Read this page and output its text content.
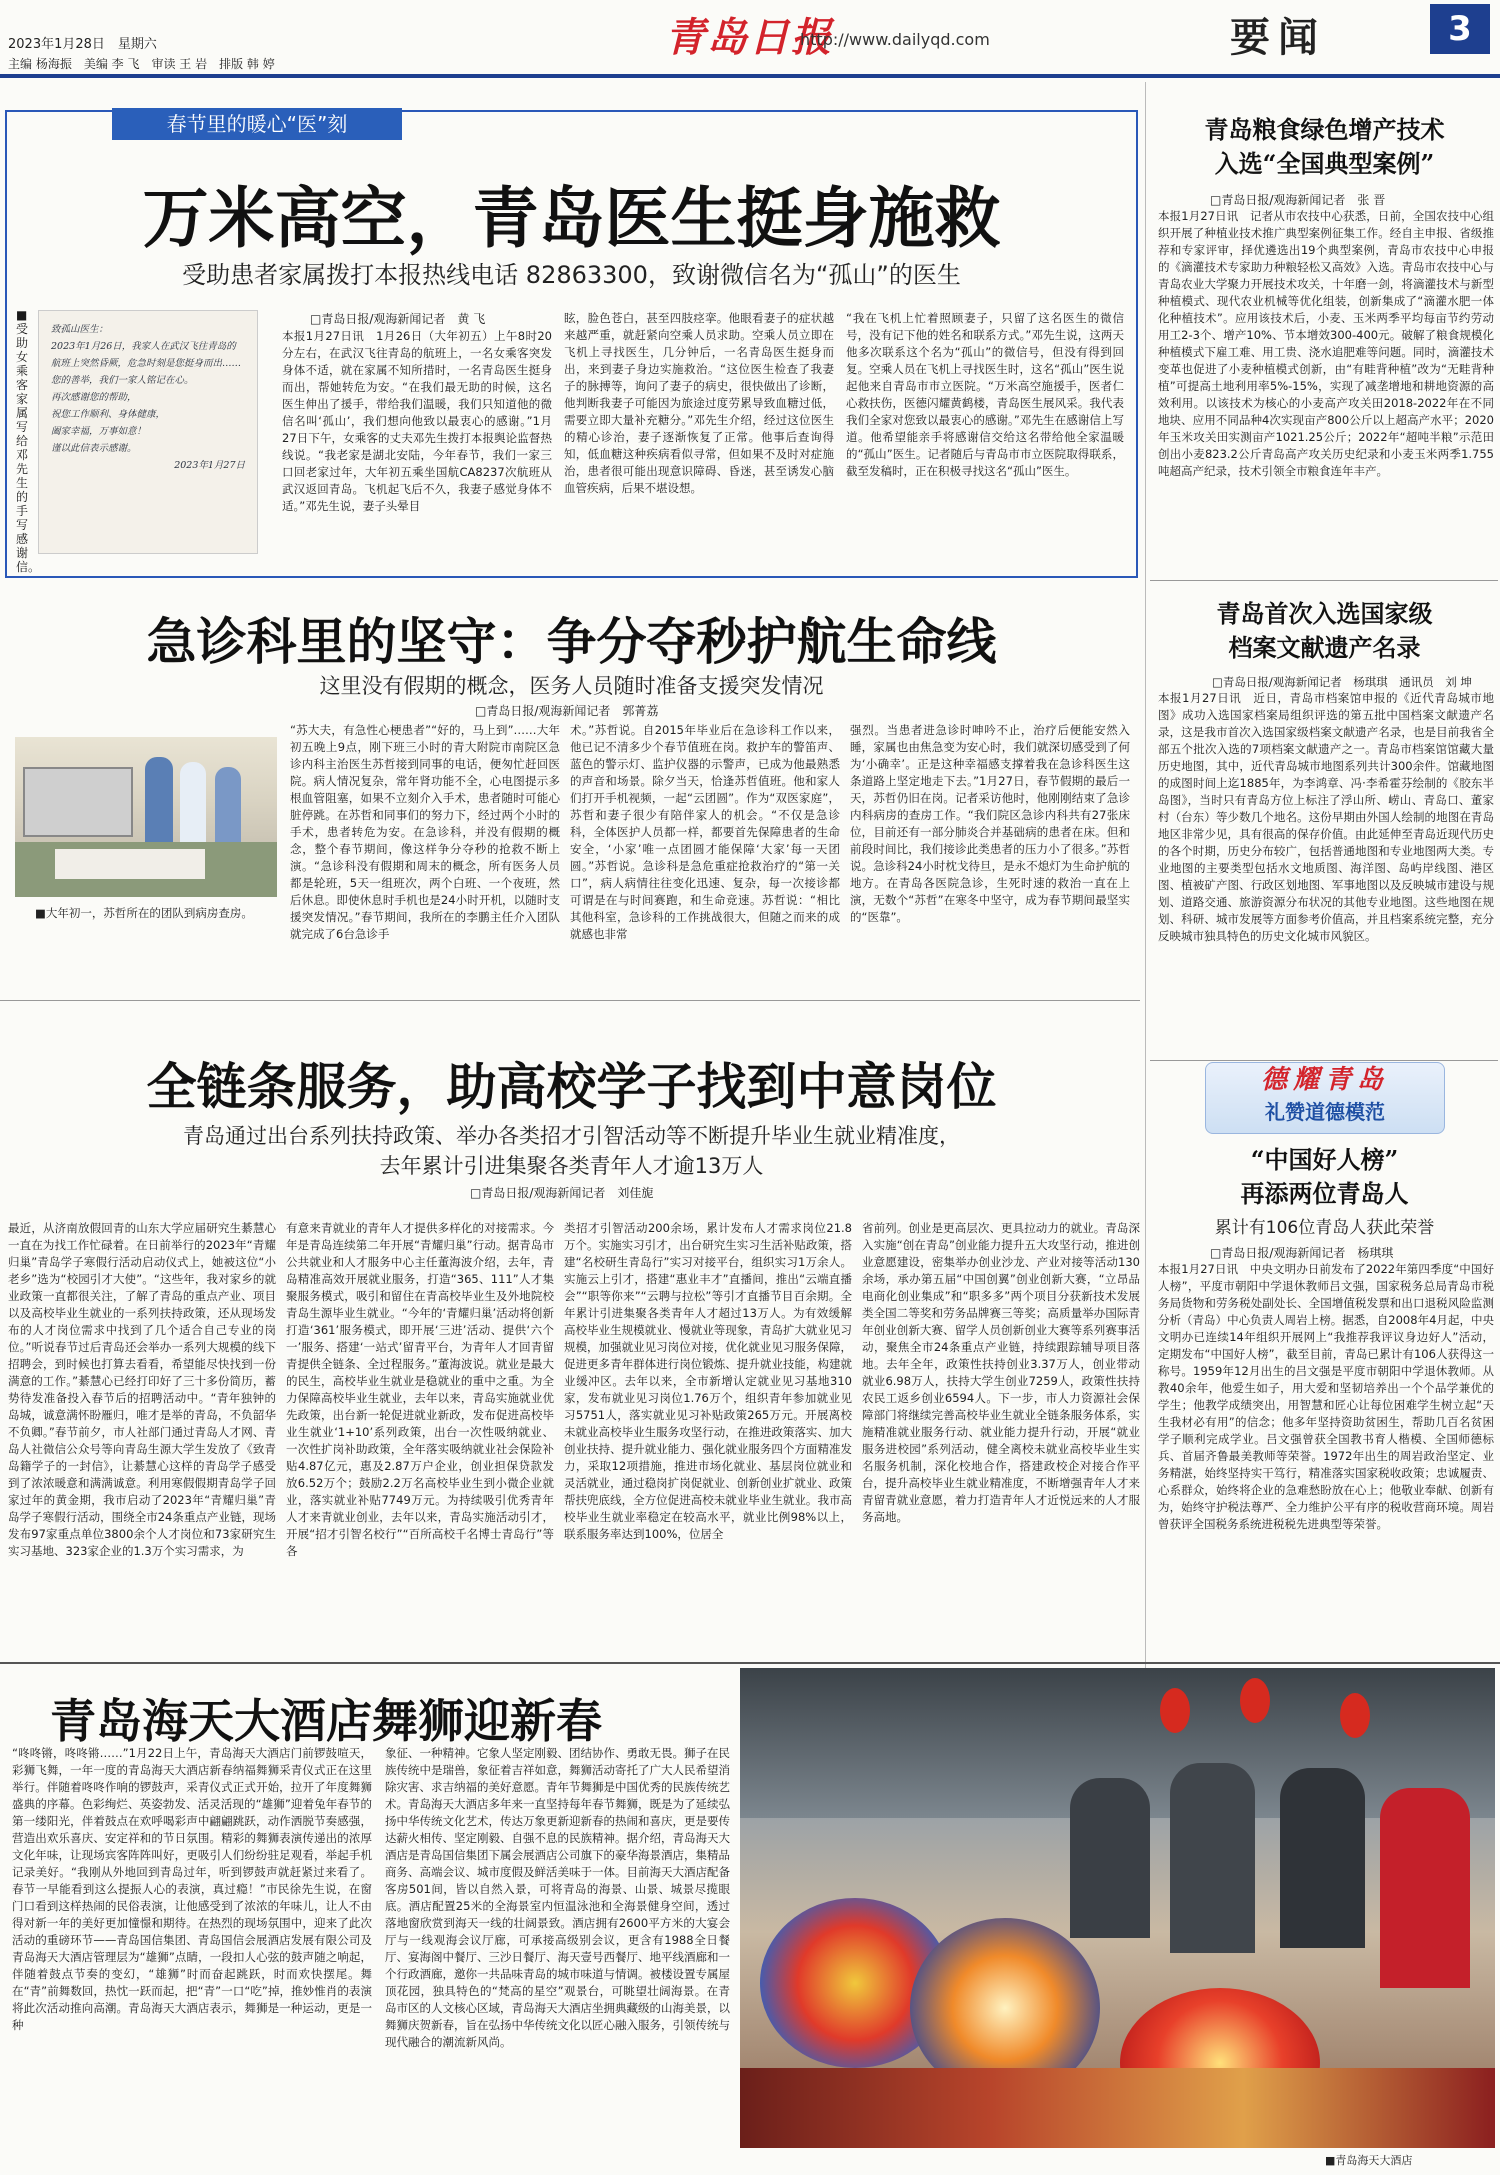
2023年1月28日　星期六
主编 杨海振　美编 李 飞　审读 王 岩　排版 韩 婷
青岛日报
http://www.dailyqd.com	要闻	3
春节里的暖心“医”刻
万米高空，青岛医生挺身施救
受助患者家属拨打本报热线电话 82863300，致谢微信名为“孤山”的医生
■受助女乘客家属写给邓先生的手写感谢信。
致孤山医生：
2023年1月26日，我家人在武汉飞往青岛的航班上突然昏厥，危急时刻是您挺身而出……
您的善举，我们一家人铭记在心。
再次感谢您的帮助，
祝您工作顺利、身体健康，
阖家幸福，万事如意！
谨以此信表示感谢。
2023年1月27日
□青岛日报/观海新闻记者　黄 飞
本报1月27日讯　1月26日（大年初五）上午8时20分左右，在武汉飞往青岛的航班上，一名女乘客突发身体不适，就在家属不知所措时，一名青岛医生挺身而出，帮她转危为安。“在我们最无助的时候，这名医生伸出了援手，带给我们温暖，我们只知道他的微信名叫‘孤山’，我们想向他致以最衷心的感谢。”1月27日下午，女乘客的丈夫邓先生拨打本报舆论监督热线说。“我老家是湖北安陆，今年春节，我们一家三口回老家过年，大年初五乘坐国航CA8237次航班从武汉返回青岛。飞机起飞后不久，我妻子感觉身体不适。”邓先生说，妻子头晕目
眩，脸色苍白，甚至四肢痉挛。他眼看妻子的症状越来越严重，就赶紧向空乘人员求助。空乘人员立即在飞机上寻找医生，几分钟后，一名青岛医生挺身而出，来到妻子身边实施救治。“这位医生检查了我妻子的脉搏等，询问了妻子的病史，很快做出了诊断，他判断我妻子可能因为旅途过度劳累导致血糖过低，需要立即大量补充糖分。”邓先生介绍，经过这位医生的精心诊治，妻子逐渐恢复了正常。他事后查询得知，低血糖这种疾病看似寻常，但如果不及时对症施治，患者很可能出现意识障碍、昏迷，甚至诱发心脑血管疾病，后果不堪设想。
“我在飞机上忙着照顾妻子，只留了这名医生的微信号，没有记下他的姓名和联系方式。”邓先生说，这两天他多次联系这个名为“孤山”的微信号，但没有得到回复。空乘人员在飞机上寻找医生时，这名“孤山”医生说起他来自青岛市市立医院。“万米高空施援手，医者仁心救扶伤，医德闪耀黄鹤楼，青岛医生展风采。我代表我们全家对您致以最衷心的感谢。”邓先生在感谢信上写道。他希望能亲手将感谢信交给这名带给他全家温暖的“孤山”医生。记者随后与青岛市市立医院取得联系，截至发稿时，正在积极寻找这名“孤山”医生。
急诊科里的坚守：争分夺秒护航生命线
这里没有假期的概念，医务人员随时准备支援突发情况
□青岛日报/观海新闻记者　郭菁荔
■大年初一，苏哲所在的团队到病房查房。
“苏大夫，有急性心梗患者”“好的，马上到”……大年初五晚上9点，刚下班三小时的青大附院市南院区急诊内科主治医生苏哲接到同事的电话，便匆忙赶回医院。病人情况复杂，常年肾功能不全，心电图提示多根血管阻塞，如果不立刻介入手术，患者随时可能心脏停跳。在苏哲和同事们的努力下，经过两个小时的手术，患者转危为安。在急诊科，并没有假期的概念，整个春节期间，像这样争分夺秒的抢救不断上演。“急诊科没有假期和周末的概念，所有医务人员都是轮班，5天一组班次，两个白班、一个夜班，然后休息。即使休息时手机也是24小时开机，以随时支援突发情况。”春节期间，我所在的李鹏主任介入团队就完成了6台急诊手
术。”苏哲说。自2015年毕业后在急诊科工作以来，他已记不清多少个春节值班在岗。救护车的警笛声、蓝色的警示灯、监护仪器的示警声，已成为他最熟悉的声音和场景。除夕当天，恰逢苏哲值班。他和家人们打开手机视频，一起“云团圆”。作为“双医家庭”，苏哲和妻子很少有陪伴家人的机会。“不仅是急诊科，全体医护人员都一样，都要首先保障患者的生命安全，‘小家’唯一点团圆才能保障‘大家’每一天团圆。”苏哲说。急诊科是急危重症抢救治疗的“第一关口”，病人病情往往变化迅速、复杂，每一次接诊都可谓是在与时间赛跑，和生命竞速。苏哲说：“相比其他科室，急诊科的工作挑战很大，但随之而来的成就感也非常
强烈。当患者进急诊时呻吟不止，治疗后便能安然入睡，家属也由焦急变为安心时，我们就深切感受到了何为‘小确幸’。正是这种幸福感支撑着我在急诊科医生这条道路上坚定地走下去。”1月27日，春节假期的最后一天，苏哲仍旧在岗。记者采访他时，他刚刚结束了急诊内科病房的查房工作。“我们院区急诊内科共有27张床位，目前还有一部分肺炎合并基础病的患者在床。但和前段时间比，我们接诊此类患者的压力小了很多。”苏哲说。急诊科24小时枕戈待旦，是永不熄灯为生命护航的地方。在青岛各医院急诊，生死时速的救治一直在上演，无数个“苏哲”在寒冬中坚守，成为春节期间最坚实的“医靠”。
青岛粮食绿色增产技术
入选“全国典型案例”
□青岛日报/观海新闻记者　张 晋
本报1月27日讯　记者从市农技中心获悉，日前，全国农技中心组织开展了种植业技术推广典型案例征集工作。经自主申报、省级推荐和专家评审，择优遴选出19个典型案例，青岛市农技中心申报的《滴灌技术专家助力种粮轻松又高效》入选。青岛市农技中心与青岛农业大学聚力开展技术攻关，十年磨一剑，将滴灌技术与新型种植模式、现代农业机械等优化组装，创新集成了“滴灌水肥一体化种植技术”。应用该技术后，小麦、玉米两季平均每亩节约劳动用工2-3个、增产10%、节本增效300-400元。破解了粮食规模化种植模式下雇工难、用工贵、浇水追肥难等问题。同时，滴灌技术变革也促进了小麦种植模式创新，由“有畦背种植”改为“无畦背种植”可提高土地利用率5%-15%，实现了减垄增地和耕地资源的高效利用。以该技术为核心的小麦高产攻关田2018-2022年在不同地块、应用不同品种4次实现亩产800公斤以上超高产水平；2020年玉米攻关田实测亩产1021.25公斤；2022年“超吨半粮”示范田创出小麦823.2公斤青岛高产攻关历史纪录和小麦玉米两季1.755吨超高产纪录，技术引领全市粮食连年丰产。
青岛首次入选国家级
档案文献遗产名录
□青岛日报/观海新闻记者　杨琪琪　通讯员　刘 坤
本报1月27日讯　近日，青岛市档案馆申报的《近代青岛城市地图》成功入选国家档案局组织评选的第五批中国档案文献遗产名录，这是我市首次入选国家级档案文献遗产名录，也是目前我省全部五个批次入选的7项档案文献遗产之一。青岛市档案馆馆藏大量历史地图，其中，近代青岛城市地图系列共计300余件。馆藏地图的成图时间上迄1885年，为李鸿章、冯·李希霍芬绘制的《胶东半岛图》，当时只有青岛方位上标注了浮山所、崂山、青岛口、董家村（台东）等少数几个地名。这份早期由外国人绘制的地图在青岛地区非常少见，具有很高的保存价值。由此延伸至青岛近现代历史的各个时期，历史分布较广，包括普通地图和专业地图两大类。专业地图的主要类型包括水文地质图、海洋图、岛屿岸线图、港区图、植被矿产图、行政区划地图、军事地图以及反映城市建设与规划、道路交通、旅游资源分布状况的其他专业地图。这些地图在规划、科研、城市发展等方面参考价值高，并且档案系统完整，充分反映城市独具特色的历史文化城市风貌区。
德耀青岛
礼赞道德模范
“中国好人榜”
再添两位青岛人
累计有106位青岛人获此荣誉
□青岛日报/观海新闻记者　杨琪琪
本报1月27日讯　中央文明办日前发布了2022年第四季度“中国好人榜”，平度市朝阳中学退休教师吕文强，国家税务总局青岛市税务局货物和劳务税处副处长、全国增值税发票和出口退税风险监测分析（青岛）中心负责人周岩上榜。据悉，自2008年4月起，中央文明办已连续14年组织开展网上“我推荐我评议身边好人”活动，定期发布“中国好人榜”，截至目前，青岛已累计有106人获得这一称号。1959年12月出生的吕文强是平度市朝阳中学退休教师。从教40余年，他爱生如子，用大爱和坚韧培养出一个个品学兼优的学生；他教学成绩突出，用智慧和匠心让每位困难学生树立起“天生我材必有用”的信念；他多年坚持资助贫困生，帮助几百名贫困学子顺利完成学业。吕文强曾获全国教书育人楷模、全国师德标兵、首届齐鲁最美教师等荣誉。1972年出生的周岩政治坚定、业务精湛，始终坚持实干笃行，精准落实国家税收政策；忠诚履责、心系群众，始终将企业的急难愁盼放在心上；他敬业奉献、创新有为，始终守护税法尊严、全力维护公平有序的税收营商环境。周岩曾获评全国税务系统进税税先进典型等荣誉。
全链条服务，助高校学子找到中意岗位
青岛通过出台系列扶持政策、举办各类招才引智活动等不断提升毕业生就业精准度，
去年累计引进集聚各类青年人才逾13万人
□青岛日报/观海新闻记者　刘佳旎
最近，从济南放假回青的山东大学应届研究生綦慧心一直在为找工作忙碌着。在日前举行的2023年“青耀归巢”青岛学子寒假行活动启动仪式上，她被这位“小老乡”选为“校园引才大使”。“这些年，我对家乡的就业政策一直都很关注，了解了青岛的重点产业、项目以及高校毕业生就业的一系列扶持政策，还从现场发布的人才岗位需求中找到了几个适合自己专业的岗位。”听说春节过后青岛还会举办一系列大规模的线下招聘会，到时候也打算去看看，希望能尽快找到一份满意的工作。”綦慧心已经打印好了三十多份简历，蓄势待发准备投入春节后的招聘活动中。“青年独钟的岛城，诚意满怀盼雁归，唯才是举的青岛，不负韶华不负卿。”春节前夕，市人社部门通过青岛人才网、青岛人社微信公众号等向青岛生源大学生发放了《致青岛籍学子的一封信》，让綦慧心这样的青岛学子感受到了浓浓暖意和满满诚意。利用寒假假期青岛学子回家过年的黄金期，我市启动了2023年“青耀归巢”青岛学子寒假行活动，围绕全市24条重点产业链，现场发布97家重点单位3800余个人才岗位和73家研究生实习基地、323家企业的1.3万个实习需求，为
有意来青就业的青年人才提供多样化的对接需求。今年是青岛连续第二年开展“青耀归巢”行动。据青岛市公共就业和人才服务中心主任董海波介绍，去年，青岛精准高效开展就业服务，打造“365、111”人才集聚服务模式，吸引和留住在青高校毕业生及外地院校青岛生源毕业生就业。“今年的‘青耀归巢’活动将创新打造‘361’服务模式，即开展‘三进’活动、提供‘六个一’服务、搭建‘一站式’留青平台，为青年人才回青留青提供全链条、全过程服务。”董海波说。就业是最大的民生，高校毕业生就业是稳就业的重中之重。为全力保障高校毕业生就业，去年以来，青岛实施就业优先政策，出台新一轮促进就业新政，发布促进高校毕业生就业‘1+10’系列政策，出台一次性吸纳就业、一次性扩岗补助政策，全年落实吸纳就业社会保险补贴4.87亿元，惠及2.87万户企业，创业担保贷款发放6.52万个；鼓励2.2万名高校毕业生到小微企业就业，落实就业补贴7749万元。为持续吸引优秀青年人才来青就业创业，去年以来，青岛实施活动引才，开展“招才引智名校行”“百所高校千名博士青岛行”等各
类招才引智活动200余场，累计发布人才需求岗位21.8万个。实施实习引才，出台研究生实习生活补贴政策，搭建“名校研生青岛行”实习对接平台，组织实习1万余人。实施云上引才，搭建“惠业丰才”直播间，推出“云端直播会”“职等你来”“云聘与拉松”等引才直播节目百余期。全年累计引进集聚各类青年人才超过13万人。为有效缓解高校毕业生规模就业、慢就业等现象，青岛扩大就业见习规模，加强就业见习岗位对接，优化就业见习服务保障，促进更多青年群体进行岗位锻炼、提升就业技能，构建就业缓冲区。去年以来，全市新增认定就业见习基地310家，发布就业见习岗位1.76万个，组织青年参加就业见习5751人，落实就业见习补贴政策265万元。开展离校未就业高校毕业生服务攻坚行动，在推进政策落实、加大创业扶持、提升就业能力、强化就业服务四个方面精准发力，采取12项措施，推进市场化就业、基层岗位就业和灵活就业，通过稳岗扩岗促就业、创新创业扩就业、政策帮扶兜底线，全方位促进高校未就业毕业生就业。我市高校毕业生就业率稳定在较高水平，就业比例98%以上，联系服务率达到100%，位居全
省前列。创业是更高层次、更具拉动力的就业。青岛深入实施“创在青岛”创业能力提升五大攻坚行动，推进创业意愿建设，密集举办创业沙龙、产业对接等活动130余场，承办第五届“中国创翼”创业创新大赛，“立昂品电商化创业集成”和“职多多”两个项目分获新技术发展类全国二等奖和劳务品牌赛三等奖；高质量举办国际青年创业创新大赛、留学人员创新创业大赛等系列赛事活动，聚焦全市24条重点产业链，持续跟踪辅导项目落地。去年全年，政策性扶持创业3.37万人，创业带动就业6.98万人，扶持大学生创业7259人，政策性扶持农民工返乡创业6594人。下一步，市人力资源社会保障部门将继续完善高校毕业生就业全链条服务体系，实施精准就业服务行动、就业能力提升行动，开展“就业服务进校园”系列活动，健全离校未就业高校毕业生实名服务机制，深化校地合作，搭建政校企对接合作平台，提升高校毕业生就业精准度，不断增强青年人才来青留青就业意愿，着力打造青年人才近悦远来的人才服务高地。
青岛海天大酒店舞狮迎新春
“咚咚锵，咚咚锵……”1月22日上午，青岛海天大酒店门前锣鼓喧天，彩狮飞舞，一年一度的青岛海天大酒店新春纳福舞狮采青仪式正在这里举行。伴随着咚咚作响的锣鼓声，采青仪式正式开始，拉开了年度舞狮盛典的序幕。色彩绚烂、英姿勃发、活灵活现的“雄狮”迎着兔年春节的第一缕阳光，伴着鼓点在欢呼喝彩声中翩翩跳跃，动作洒脱节奏感强，营造出欢乐喜庆、安定祥和的节日氛围。精彩的舞狮表演传递出的浓厚文化年味，让现场宾客阵阵叫好，更吸引人们纷纷驻足观看，举起手机记录美好。“我刚从外地回到青岛过年，听到锣鼓声就赶紧过来看了。春节一早能看到这么提振人心的表演，真过瘾！”市民徐先生说，在窗门口看到这样热闹的民俗表演，让他感受到了浓浓的年味儿，让人不由得对新一年的美好更加憧憬和期待。在热烈的现场氛围中，迎来了此次活动的重磅环节——青岛国信集团、青岛国信会展酒店发展有限公司及青岛海天大酒店管理层为“雄狮”点睛，一段扣人心弦的鼓声随之响起，伴随着鼓点节奏的变幻，“雄狮”时而奋起跳跃，时而欢快摆尾。舞在“青”前舞数回，热忱一跃而起，把“青”一口“吃”掉，推妙惟肖的表演将此次活动推向高潮。青岛海天大酒店表示，舞狮是一种运动，更是一种
象征、一种精神。它象人坚定刚毅、团结协作、勇敢无畏。狮子在民族传统中是瑞兽，象征着吉祥如意，舞狮活动寄托了广大人民希望消除灾害、求吉纳福的美好意愿。青年节舞狮是中国优秀的民族传统艺术。青岛海天大酒店多年来一直坚持每年春节舞狮，既是为了延续弘扬中华传统文化艺术，传达万象更新迎新春的热闹和喜庆，更是要传达薪火相传、坚定刚毅、自强不息的民族精神。据介绍，青岛海天大酒店是青岛国信集团下属会展酒店公司旗下的豪华海景酒店，集精品商务、高端会议、城市度假及鲜活美味于一体。目前海天大酒店配备客房501间，皆以自然入景，可将青岛的海景、山景、城景尽揽眼底。酒店配置25米的全海景室内恒温泳池和全海景健身空间，透过落地窗欣赏到海天一线的壮阔景致。酒店拥有2600平方米的大宴会厅与一线观海会议厅廊，可承接高级别会议，更含有1988全日餐厅、宴海阁中餐厅、三沙日餐厅、海天壹号西餐厅、地平线酒廊和一个行政酒廊，邀你一共品味青岛的城市味道与情调。被楼设置专属屋顶花园，独具特色的“梵高的星空”观景台，可眺望壮阔海景。在青岛市区的人文核心区域，青岛海天大酒店坐拥典藏级的山海美景，以舞狮庆贺新春，旨在弘扬中华传统文化以匠心融入服务，引领传统与现代融合的潮流新风尚。
■青岛海天大酒店
